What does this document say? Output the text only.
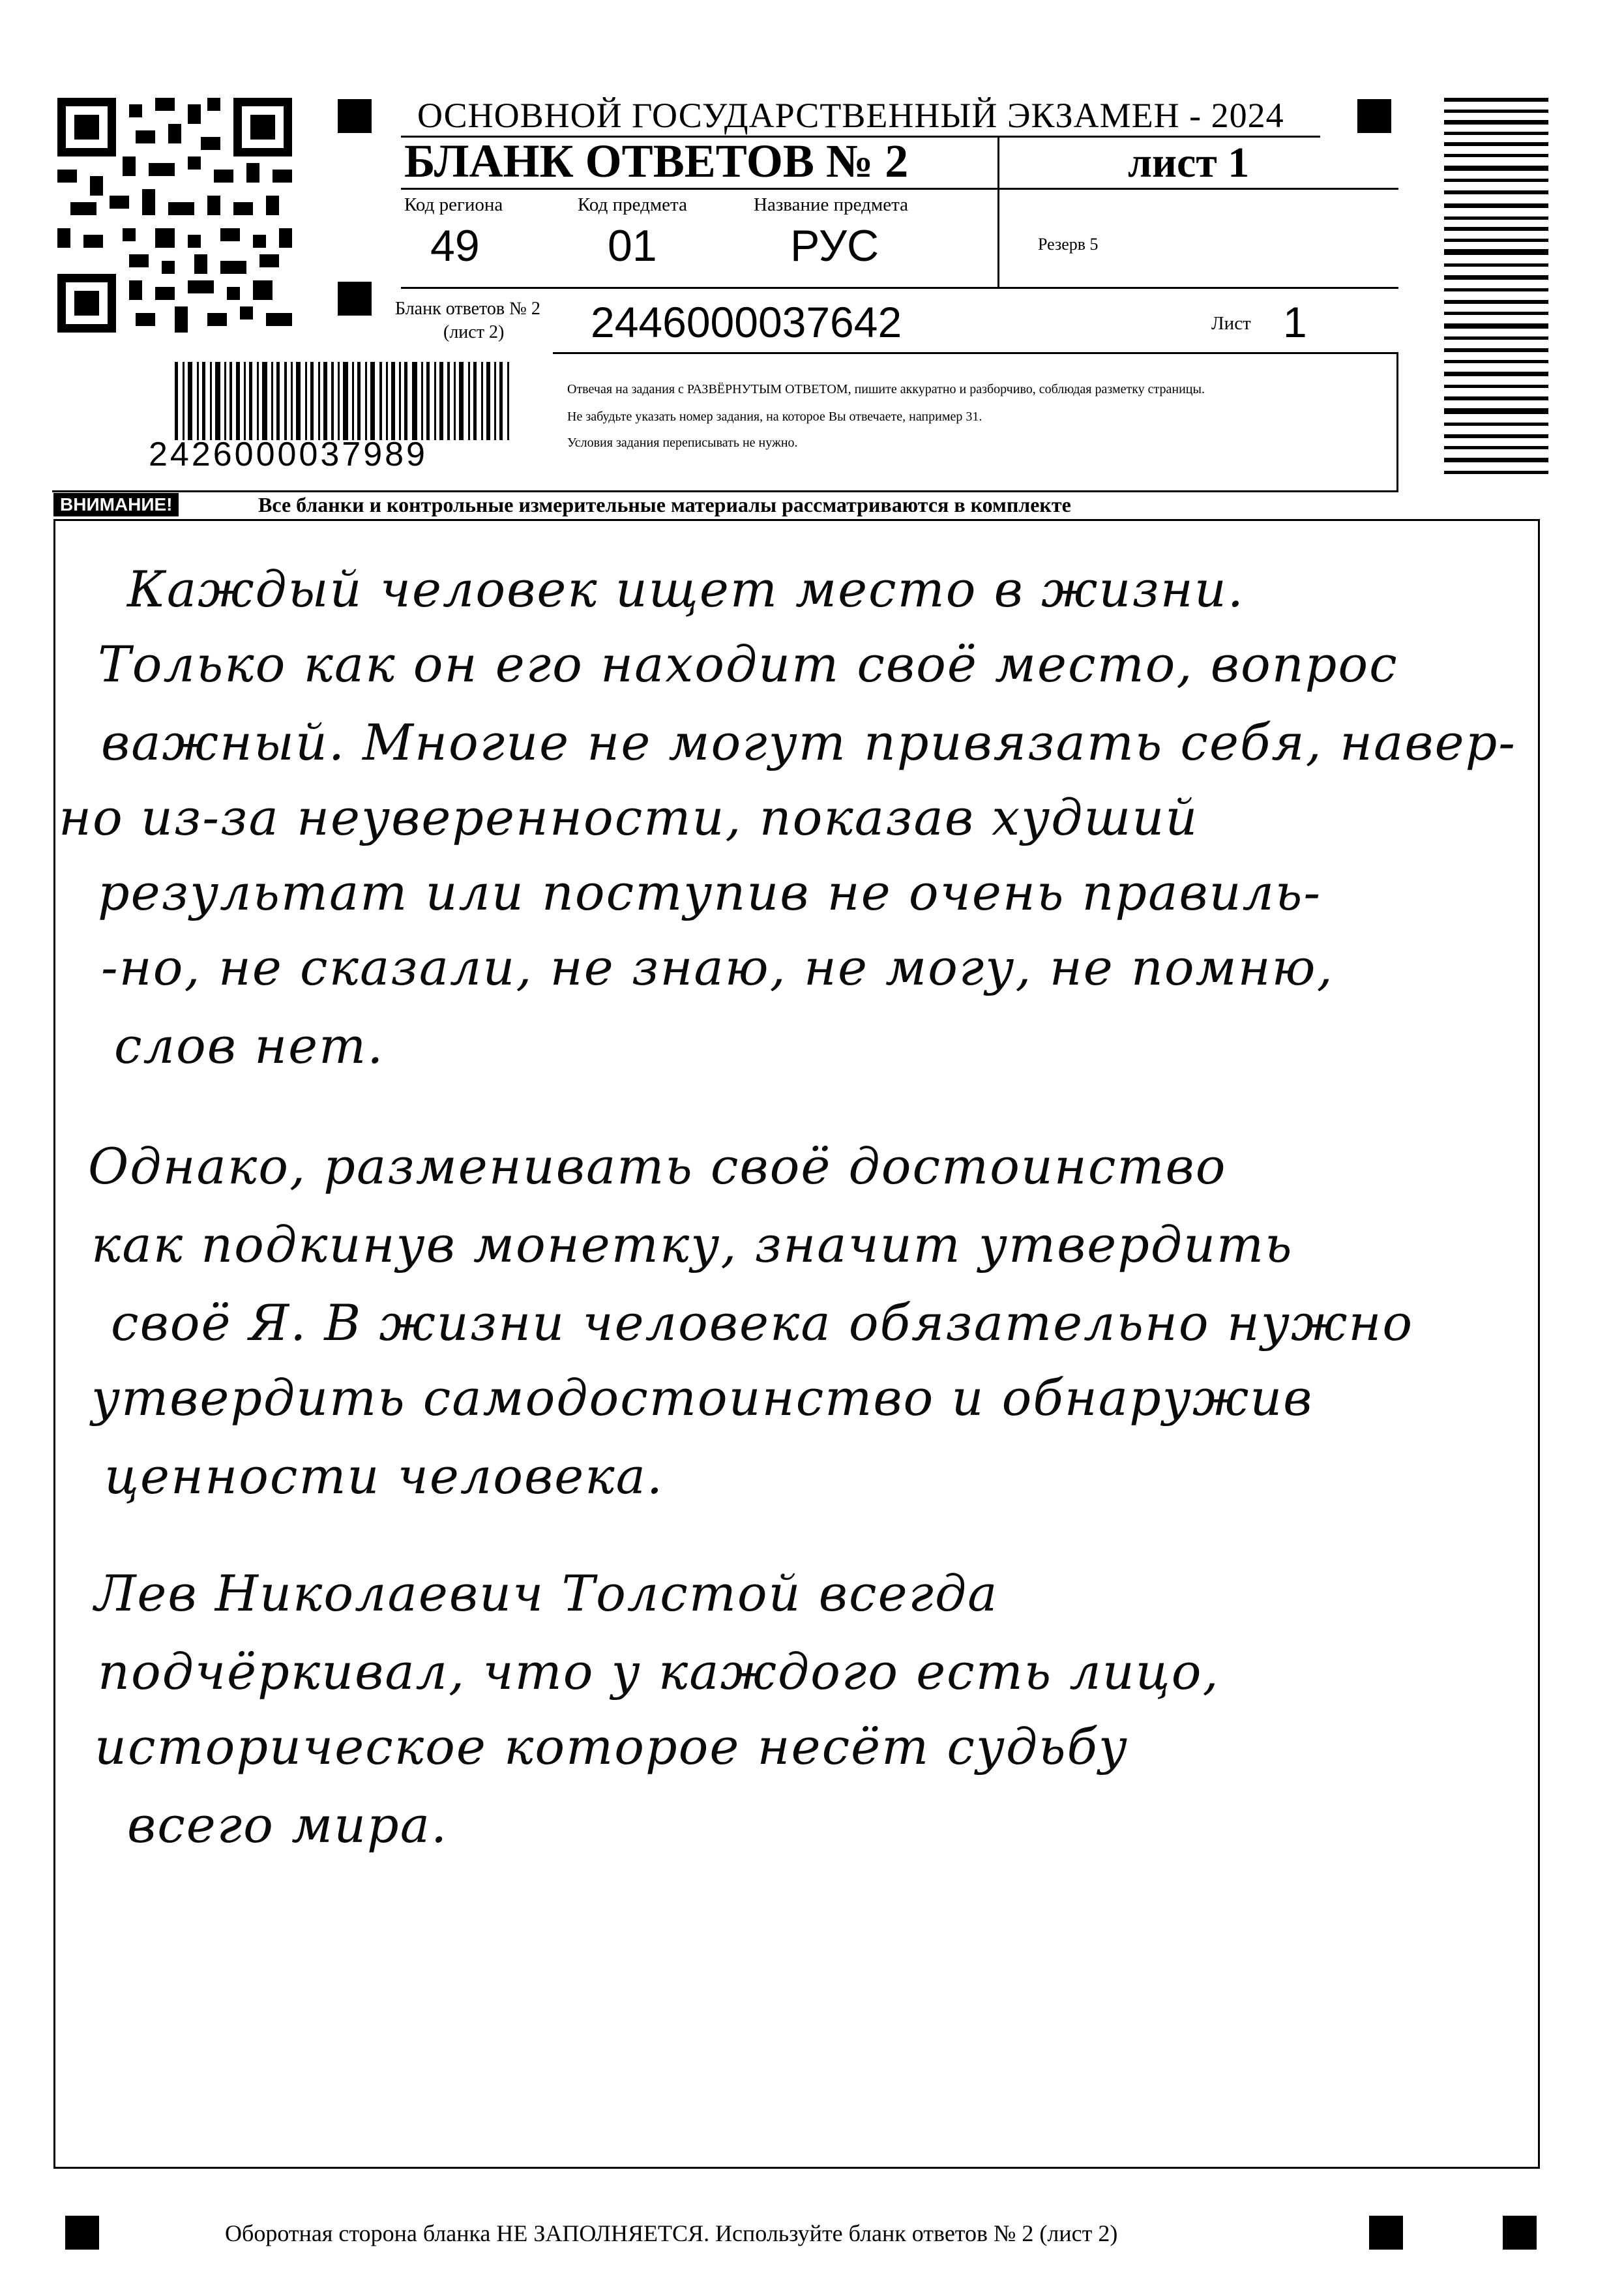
ОСНОВНОЙ ГОСУДАРСТВЕННЫЙ ЭКЗАМЕН - 2024
БЛАНК ОТВЕТОВ № 2	лист 1
Код региона
49
Код предмета
01
Название предмета
РУС	Резерв 5
Бланк ответов № 2
(лист 2) 2446000037642	Лист 1
2426000037989
Отвечая на задания с РАЗВЁРНУТЫМ ОТВЕТОМ, пишите аккуратно и разборчиво, соблюдая разметку страницы.
Не забудьте указать номер задания, на которое Вы отвечаете, например 31.
Условия задания переписывать не нужно.
ВНИМАНИЕ!	Все бланки и контрольные измерительные материалы рассматриваются в комплекте
Каждый человек ищет место в жизни.
Только как он его находит своё место, вопрос
важный. Многие не могут привязать себя, навер-
но из-за неуверенности, показав худший
результат или поступив не очень правиль-
-но, не сказали, не знаю, не могу, не помню,
слов нет.
Однако, разменивать своё достоинство
как подкинув монетку, значит утвердить
своё Я. В жизни человека обязательно нужно
утвердить самодостоинство и обнаружив
ценности человека.
Лев Николаевич Толстой всегда
подчёркивал, что у каждого есть лицо,
историческое которое несёт судьбу
всего мира.
Оборотная сторона бланка НЕ ЗАПОЛНЯЕТСЯ. Используйте бланк ответов № 2 (лист 2)
